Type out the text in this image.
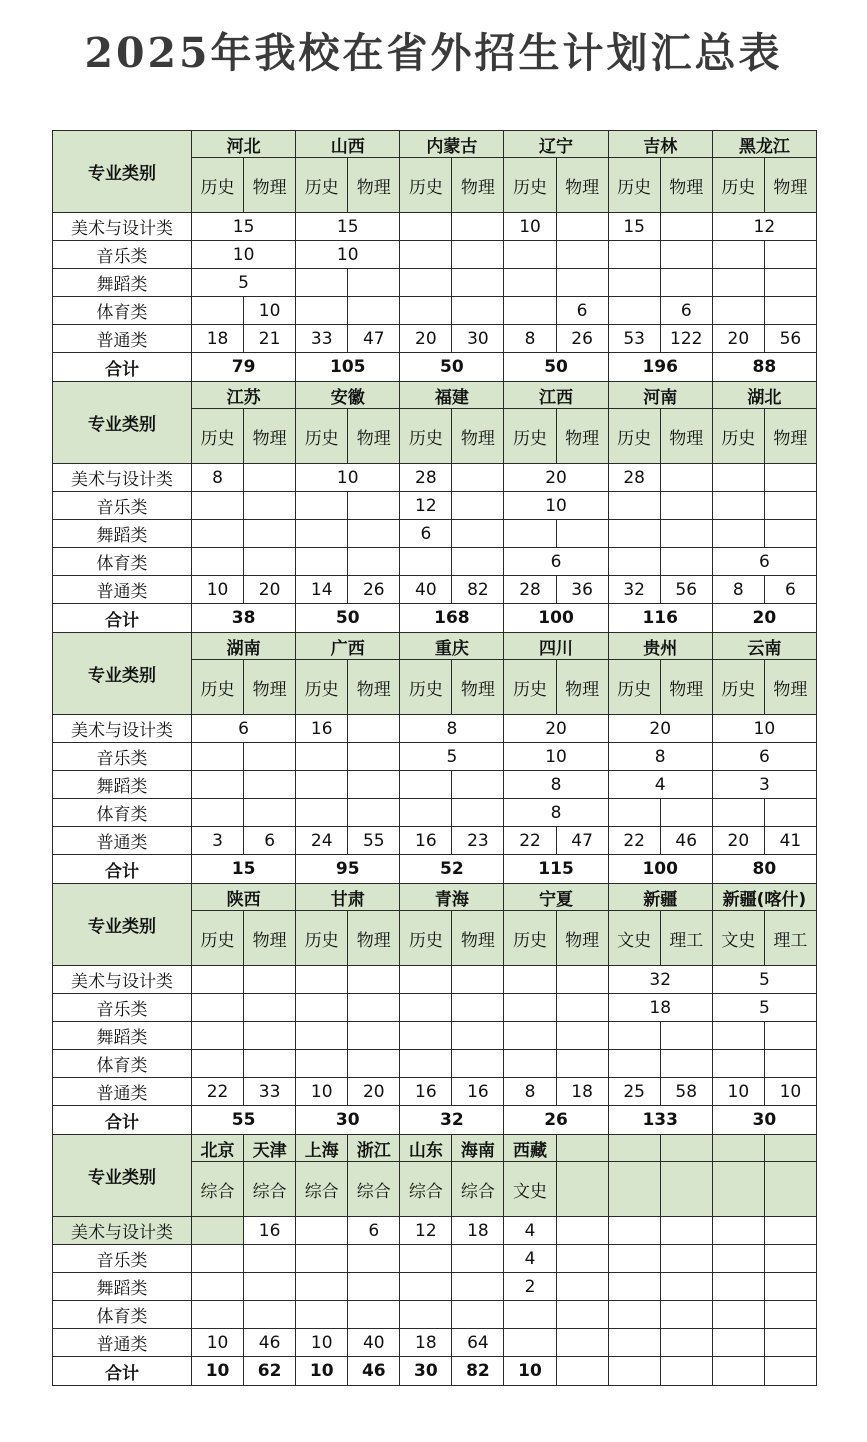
2025年我校在省外招生计划汇总表
专业类别	河北		山西		内蒙古		辽宁		吉林		黑龙江	
	历史	物理	历史	物理	历史	物理	历史	物理	历史	物理	历史	物理
美术与设计类	15		15				10		15		12	
音乐类	10		10									
舞蹈类	5											
体育类		10						6		6		
普通类	18	21	33	47	20	30	8	26	53	122	20	56
合计	79		105		50		50		196		88	
专业类别	江苏		安徽		福建		江西		河南		湖北	
	历史	物理	历史	物理	历史	物理	历史	物理	历史	物理	历史	物理
美术与设计类	8		10		28		20		28			
音乐类					12		10					
舞蹈类					6							
体育类							6				6	
普通类	10	20	14	26	40	82	28	36	32	56	8	6
合计	38		50		168		100		116		20	
专业类别	湖南		广西		重庆		四川		贵州		云南	
	历史	物理	历史	物理	历史	物理	历史	物理	历史	物理	历史	物理
美术与设计类	6		16		8		20		20		10	
音乐类					5		10		8		6	
舞蹈类							8		4		3	
体育类							8					
普通类	3	6	24	55	16	23	22	47	22	46	20	41
合计	15		95		52		115		100		80	
专业类别	陕西		甘肃		青海		宁夏		新疆		新疆(喀什)	
	历史	物理	历史	物理	历史	物理	历史	物理	文史	理工	文史	理工
美术与设计类									32		5	
音乐类									18		5	
舞蹈类												
体育类												
普通类	22	33	10	20	16	16	8	18	25	58	10	10
合计	55		30		32		26		133		30	
专业类别	北京	天津	上海	浙江	山东	海南	西藏					
	综合	综合	综合	综合	综合	综合	文史					
美术与设计类		16		6	12	18	4					
音乐类							4					
舞蹈类							2					
体育类												
普通类	10	46	10	40	18	64						
合计	10	62	10	46	30	82	10					
